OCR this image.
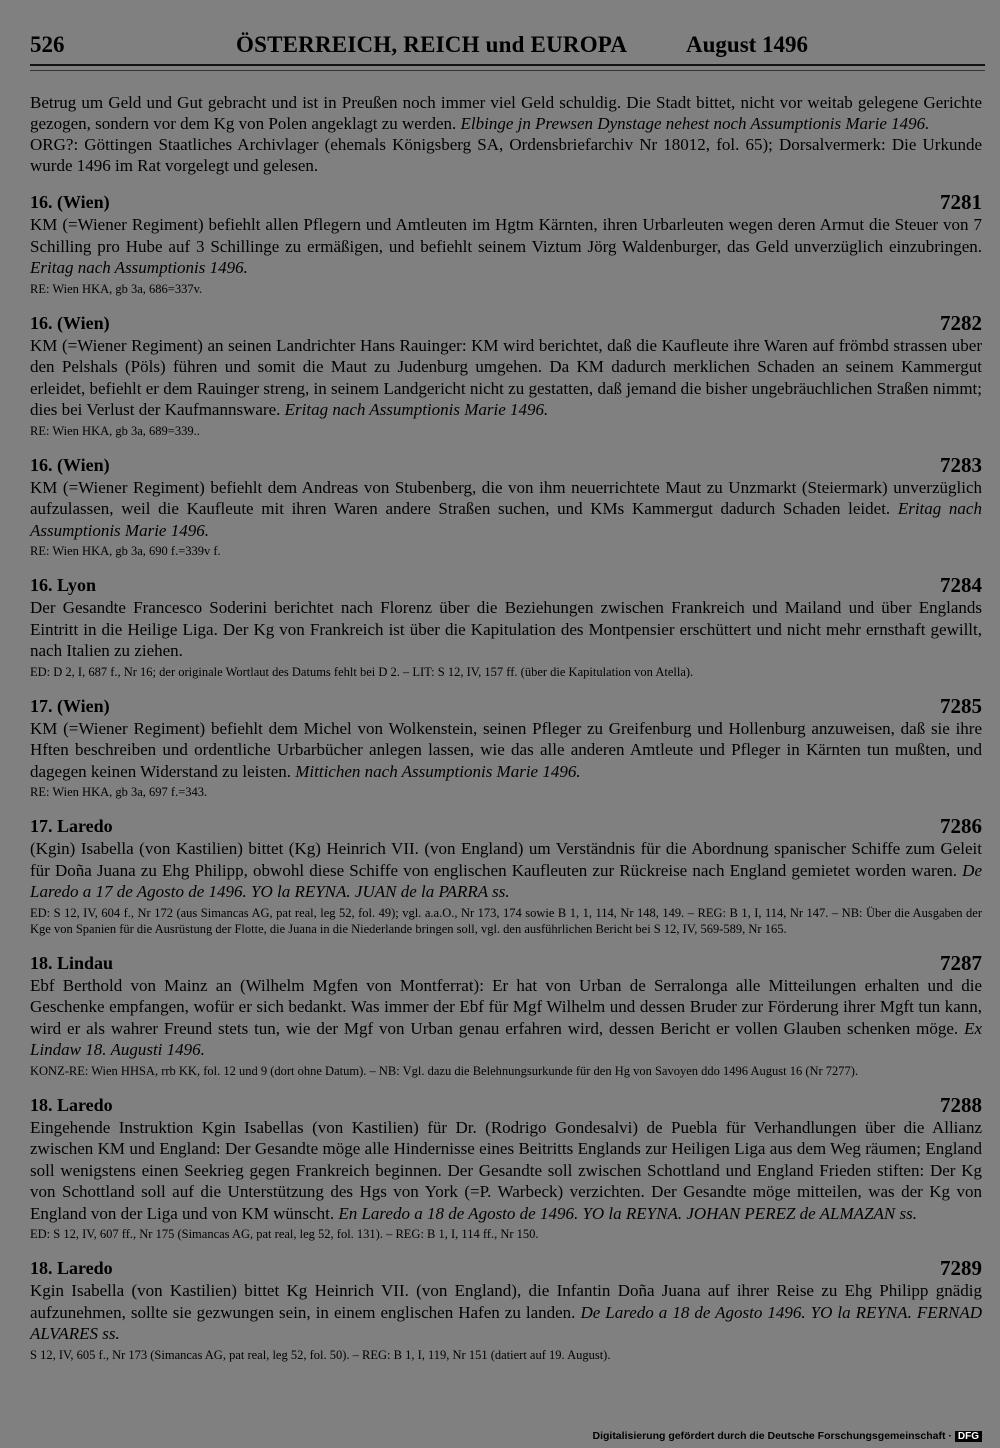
526	ÖSTERREICH, REICH und EUROPA	August 1496

Betrug um Geld und Gut gebracht und ist in Preußen noch immer viel Geld schuldig. Die Stadt bittet, nicht vor weitab gelegene Gerichte gezogen, sondern vor dem Kg von Polen angeklagt zu werden. Elbinge jn Prewsen Dynstage nehest noch Assumptionis Marie 1496.

ORG?: Göttingen Staatliches Archivlager (ehemals Königsberg SA, Ordensbriefarchiv Nr 18012, fol. 65); Dorsalvermerk: Die Urkunde wurde 1496 im Rat vorgelegt und gelesen.

16. (Wien)	7281

KM (=Wiener Regiment) befiehlt allen Pflegern und Amtleuten im Hgtm Kärnten, ihren Urbarleuten wegen deren Armut die Steuer von 7 Schilling pro Hube auf 3 Schillinge zu ermäßigen, und befiehlt seinem Viztum Jörg Waldenburger, das Geld unverzüglich einzubringen. Eritag nach Assumptionis 1496.

RE: Wien HKA, gb 3a, 686=337v.

16. (Wien)	7282

KM (=Wiener Regiment) an seinen Landrichter Hans Rauinger: KM wird berichtet, daß die Kaufleute ihre Waren auf frömbd strassen uber den Pelshals (Pöls) führen und somit die Maut zu Judenburg umgehen. Da KM dadurch merklichen Schaden an seinem Kammergut erleidet, befiehlt er dem Rauinger streng, in seinem Landgericht nicht zu gestatten, daß jemand die bisher ungebräuchlichen Straßen nimmt; dies bei Verlust der Kaufmannsware. Eritag nach Assumptionis Marie 1496.

RE: Wien HKA, gb 3a, 689=339..

16. (Wien)	7283

KM (=Wiener Regiment) befiehlt dem Andreas von Stubenberg, die von ihm neuerrichtete Maut zu Unzmarkt (Steiermark) unverzüglich aufzulassen, weil die Kaufleute mit ihren Waren andere Straßen suchen, und KMs Kammergut dadurch Schaden leidet. Eritag nach Assumptionis Marie 1496.

RE: Wien HKA, gb 3a, 690 f.=339v f.

16. Lyon	7284

Der Gesandte Francesco Soderini berichtet nach Florenz über die Beziehungen zwischen Frankreich und Mailand und über Englands Eintritt in die Heilige Liga. Der Kg von Frankreich ist über die Kapitulation des Montpensier erschüttert und nicht mehr ernsthaft gewillt, nach Italien zu ziehen.

ED: D 2, I, 687 f., Nr 16; der originale Wortlaut des Datums fehlt bei D 2. – LIT: S 12, IV, 157 ff. (über die Kapitulation von Atella).

17. (Wien)	7285

KM (=Wiener Regiment) befiehlt dem Michel von Wolkenstein, seinen Pfleger zu Greifenburg und Hollenburg anzuweisen, daß sie ihre Hften beschreiben und ordentliche Urbarbücher anlegen lassen, wie das alle anderen Amtleute und Pfleger in Kärnten tun mußten, und dagegen keinen Widerstand zu leisten. Mittichen nach Assumptionis Marie 1496.

RE: Wien HKA, gb 3a, 697 f.=343.

17. Laredo	7286

(Kgin) Isabella (von Kastilien) bittet (Kg) Heinrich VII. (von England) um Verständnis für die Abordnung spanischer Schiffe zum Geleit für Doña Juana zu Ehg Philipp, obwohl diese Schiffe von englischen Kaufleuten zur Rückreise nach England gemietet worden waren. De Laredo a 17 de Agosto de 1496. YO la REYNA. JUAN de la PARRA ss.

ED: S 12, IV, 604 f., Nr 172 (aus Simancas AG, pat real, leg 52, fol. 49); vgl. a.a.O., Nr 173, 174 sowie B 1, 1, 114, Nr 148, 149. – REG: B 1, I, 114, Nr 147. – NB: Über die Ausgaben der Kge von Spanien für die Ausrüstung der Flotte, die Juana in die Niederlande bringen soll, vgl. den ausführlichen Bericht bei S 12, IV, 569-589, Nr 165.

18. Lindau	7287

Ebf Berthold von Mainz an (Wilhelm Mgfen von Montferrat): Er hat von Urban de Serralonga alle Mitteilungen erhalten und die Geschenke empfangen, wofür er sich bedankt. Was immer der Ebf für Mgf Wilhelm und dessen Bruder zur Förderung ihrer Mgft tun kann, wird er als wahrer Freund stets tun, wie der Mgf von Urban genau erfahren wird, dessen Bericht er vollen Glauben schenken möge. Ex Lindaw 18. Augusti 1496.

KONZ-RE: Wien HHSA, rrb KK, fol. 12 und 9 (dort ohne Datum). – NB: Vgl. dazu die Belehnungsurkunde für den Hg von Savoyen ddo 1496 August 16 (Nr 7277).

18. Laredo	7288

Eingehende Instruktion Kgin Isabellas (von Kastilien) für Dr. (Rodrigo Gondesalvi) de Puebla für Verhandlungen über die Allianz zwischen KM und England: Der Gesandte möge alle Hindernisse eines Beitritts Englands zur Heiligen Liga aus dem Weg räumen; England soll wenigstens einen Seekrieg gegen Frankreich beginnen. Der Gesandte soll zwischen Schottland und England Frieden stiften: Der Kg von Schottland soll auf die Unterstützung des Hgs von York (=P. Warbeck) verzichten. Der Gesandte möge mitteilen, was der Kg von England von der Liga und von KM wünscht. En Laredo a 18 de Agosto de 1496. YO la REYNA. JOHAN PEREZ de ALMAZAN ss.

ED: S 12, IV, 607 ff., Nr 175 (Simancas AG, pat real, leg 52, fol. 131). – REG: B 1, I, 114 ff., Nr 150.

18. Laredo	7289

Kgin Isabella (von Kastilien) bittet Kg Heinrich VII. (von England), die Infantin Doña Juana auf ihrer Reise zu Ehg Philipp gnädig aufzunehmen, sollte sie gezwungen sein, in einem englischen Hafen zu landen. De Laredo a 18 de Agosto 1496. YO la REYNA. FERNAD ALVARES ss.

S 12, IV, 605 f., Nr 173 (Simancas AG, pat real, leg 52, fol. 50). – REG: B 1, I, 119, Nr 151 (datiert auf 19. August).

Digitalisierung gefördert durch die Deutsche Forschungsgemeinschaft · DFG
